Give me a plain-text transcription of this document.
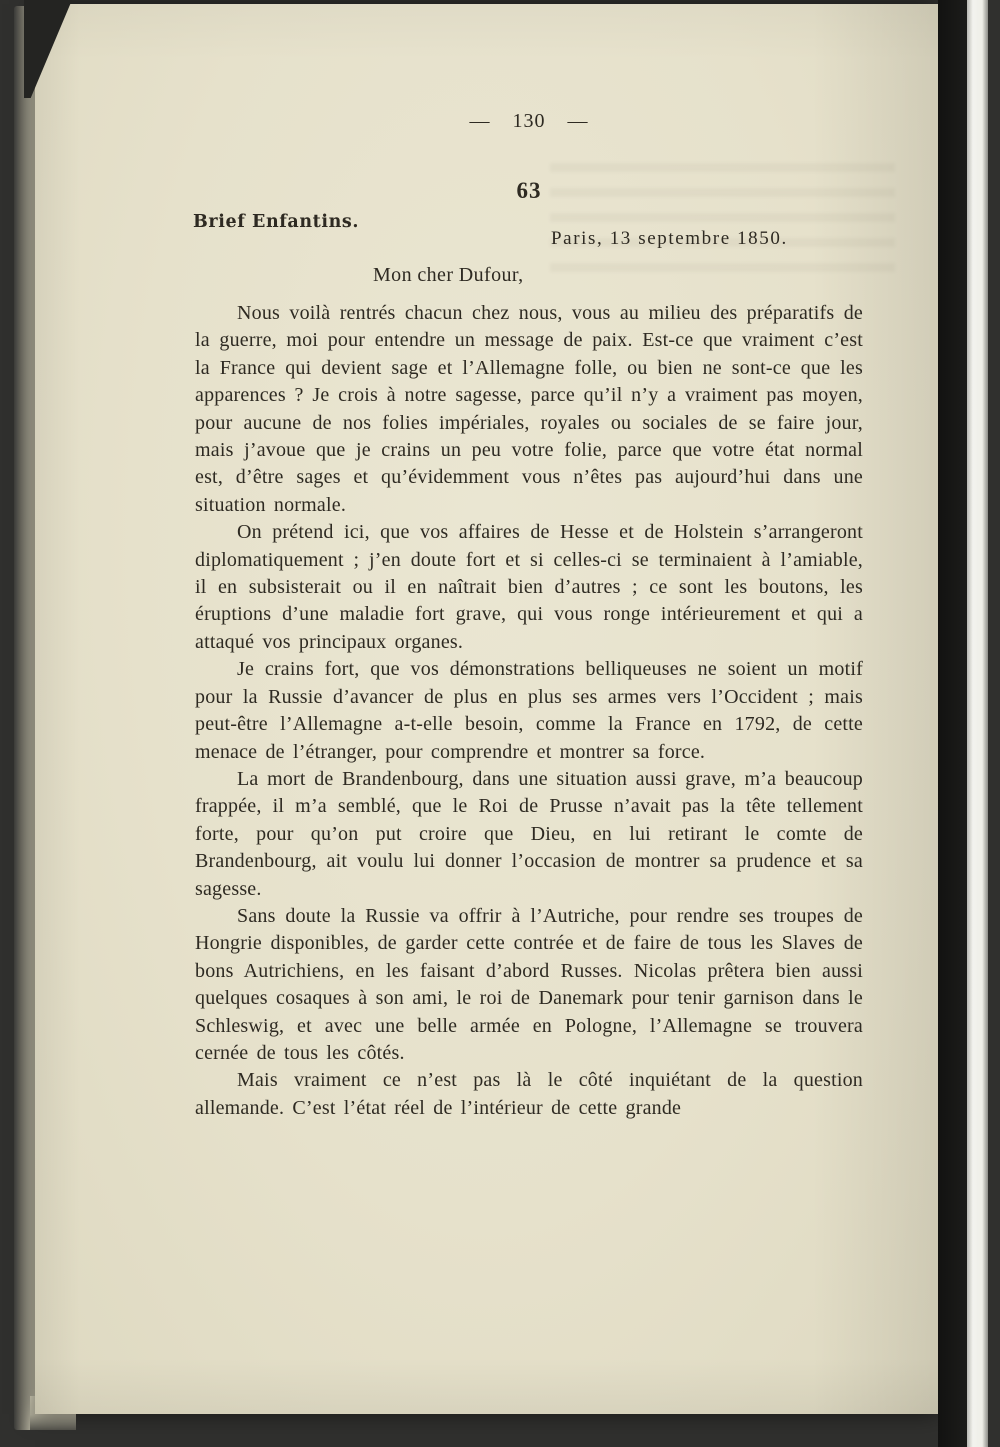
— 130 —
63
Brief Enfantins.
Paris, 13 septembre 1850.
Mon cher Dufour,

Nous voilà rentrés chacun chez nous, vous au milieu des préparatifs de la guerre, moi pour entendre un message de paix. Est-ce que vraiment c’est la France qui devient sage et l’Allemagne folle, ou bien ne sont-ce que les apparences ? Je crois à notre sagesse, parce qu’il n’y a vraiment pas moyen, pour aucune de nos folies impériales, royales ou sociales de se faire jour, mais j’avoue que je crains un peu votre folie, parce que votre état normal est, d’être sages et qu’évidemment vous n’êtes pas aujourd’hui dans une situation normale.

On prétend ici, que vos affaires de Hesse et de Holstein s’arrangeront diplomatiquement ; j’en doute fort et si celles-ci se terminaient à l’amiable, il en subsisterait ou il en naîtrait bien d’autres ; ce sont les boutons, les éruptions d’une maladie fort grave, qui vous ronge intérieurement et qui a attaqué vos principaux organes.

Je crains fort, que vos démonstrations belliqueuses ne soient un motif pour la Russie d’avancer de plus en plus ses armes vers l’Occident ; mais peut-être l’Allemagne a-t-elle besoin, comme la France en 1792, de cette menace de l’étranger, pour comprendre et montrer sa force.

La mort de Brandenbourg, dans une situation aussi grave, m’a beaucoup frappée, il m’a semblé, que le Roi de Prusse n’avait pas la tête tellement forte, pour qu’on put croire que Dieu, en lui retirant le comte de Brandenbourg, ait voulu lui donner l’occasion de montrer sa prudence et sa sagesse.

Sans doute la Russie va offrir à l’Autriche, pour rendre ses troupes de Hongrie disponibles, de garder cette contrée et de faire de tous les Slaves de bons Autrichiens, en les faisant d’abord Russes. Nicolas prêtera bien aussi quelques cosaques à son ami, le roi de Danemark pour tenir garnison dans le Schleswig, et avec une belle armée en Pologne, l’Allemagne se trouvera cernée de tous les côtés.

Mais vraiment ce n’est pas là le côté inquiétant de la question allemande. C’est l’état réel de l’intérieur de cette grande
